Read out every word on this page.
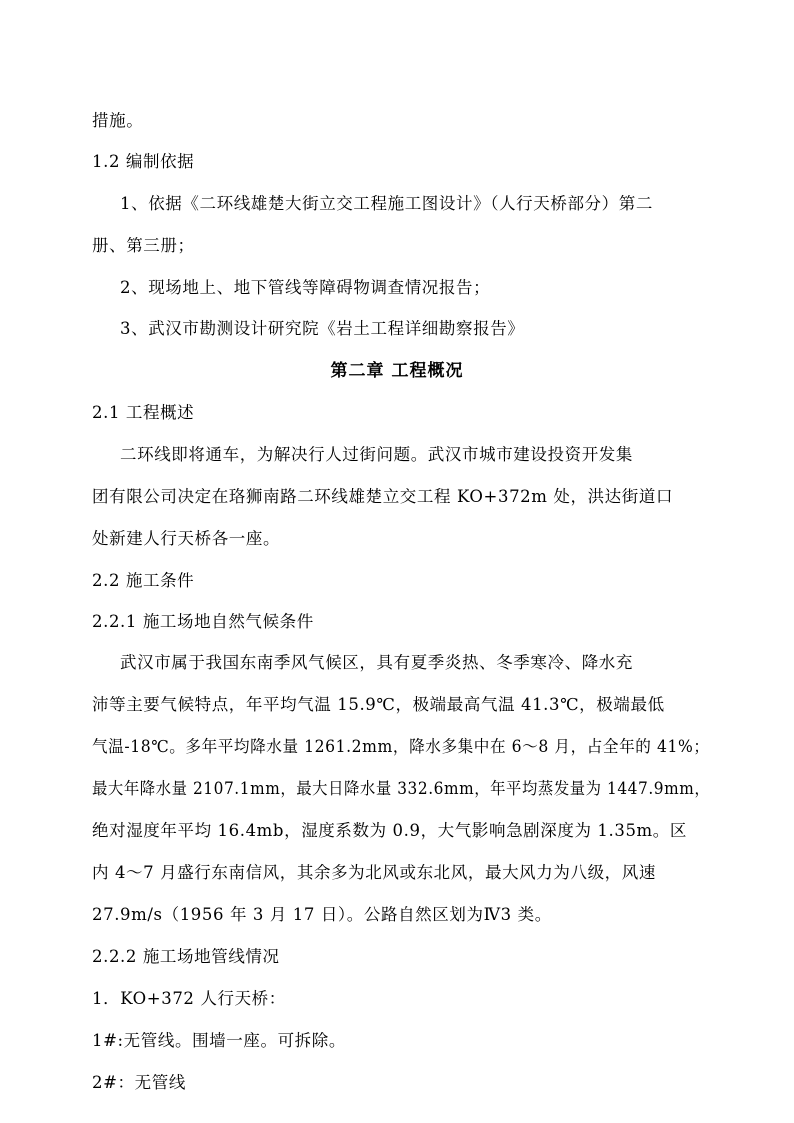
措施。
1.2 编制依据
1、依据《二环线雄楚大街立交工程施工图设计》（人行天桥部分）第二
册、第三册；
2、现场地上、地下管线等障碍物调查情况报告；
3、武汉市勘测设计研究院《岩土工程详细勘察报告》
第二章 工程概况
2.1 工程概述
二环线即将通车，为解决行人过街问题。武汉市城市建设投资开发集
团有限公司决定在珞狮南路二环线雄楚立交工程 KO+372m 处，洪达街道口
处新建人行天桥各一座。
2.2 施工条件
2.2.1 施工场地自然气候条件
武汉市属于我国东南季风气候区，具有夏季炎热、冬季寒冷、降水充
沛等主要气候特点，年平均气温 15.9℃，极端最高气温 41.3℃，极端最低
气温-18℃。多年平均降水量 1261.2mm，降水多集中在 6～8 月，占全年的 41%；
最大年降水量 2107.1mm，最大日降水量 332.6mm，年平均蒸发量为 1447.9mm，
绝对湿度年平均 16.4mb，湿度系数为 0.9，大气影响急剧深度为 1.35m。区
内 4～7 月盛行东南信风，其余多为北风或东北风，最大风力为八级，风速
27.9m/s（1956 年 3 月 17 日）。公路自然区划为Ⅳ3 类。
2.2.2 施工场地管线情况
1．KO+372 人行天桥：
1#:无管线。围墙一座。可拆除。
2#：无管线
